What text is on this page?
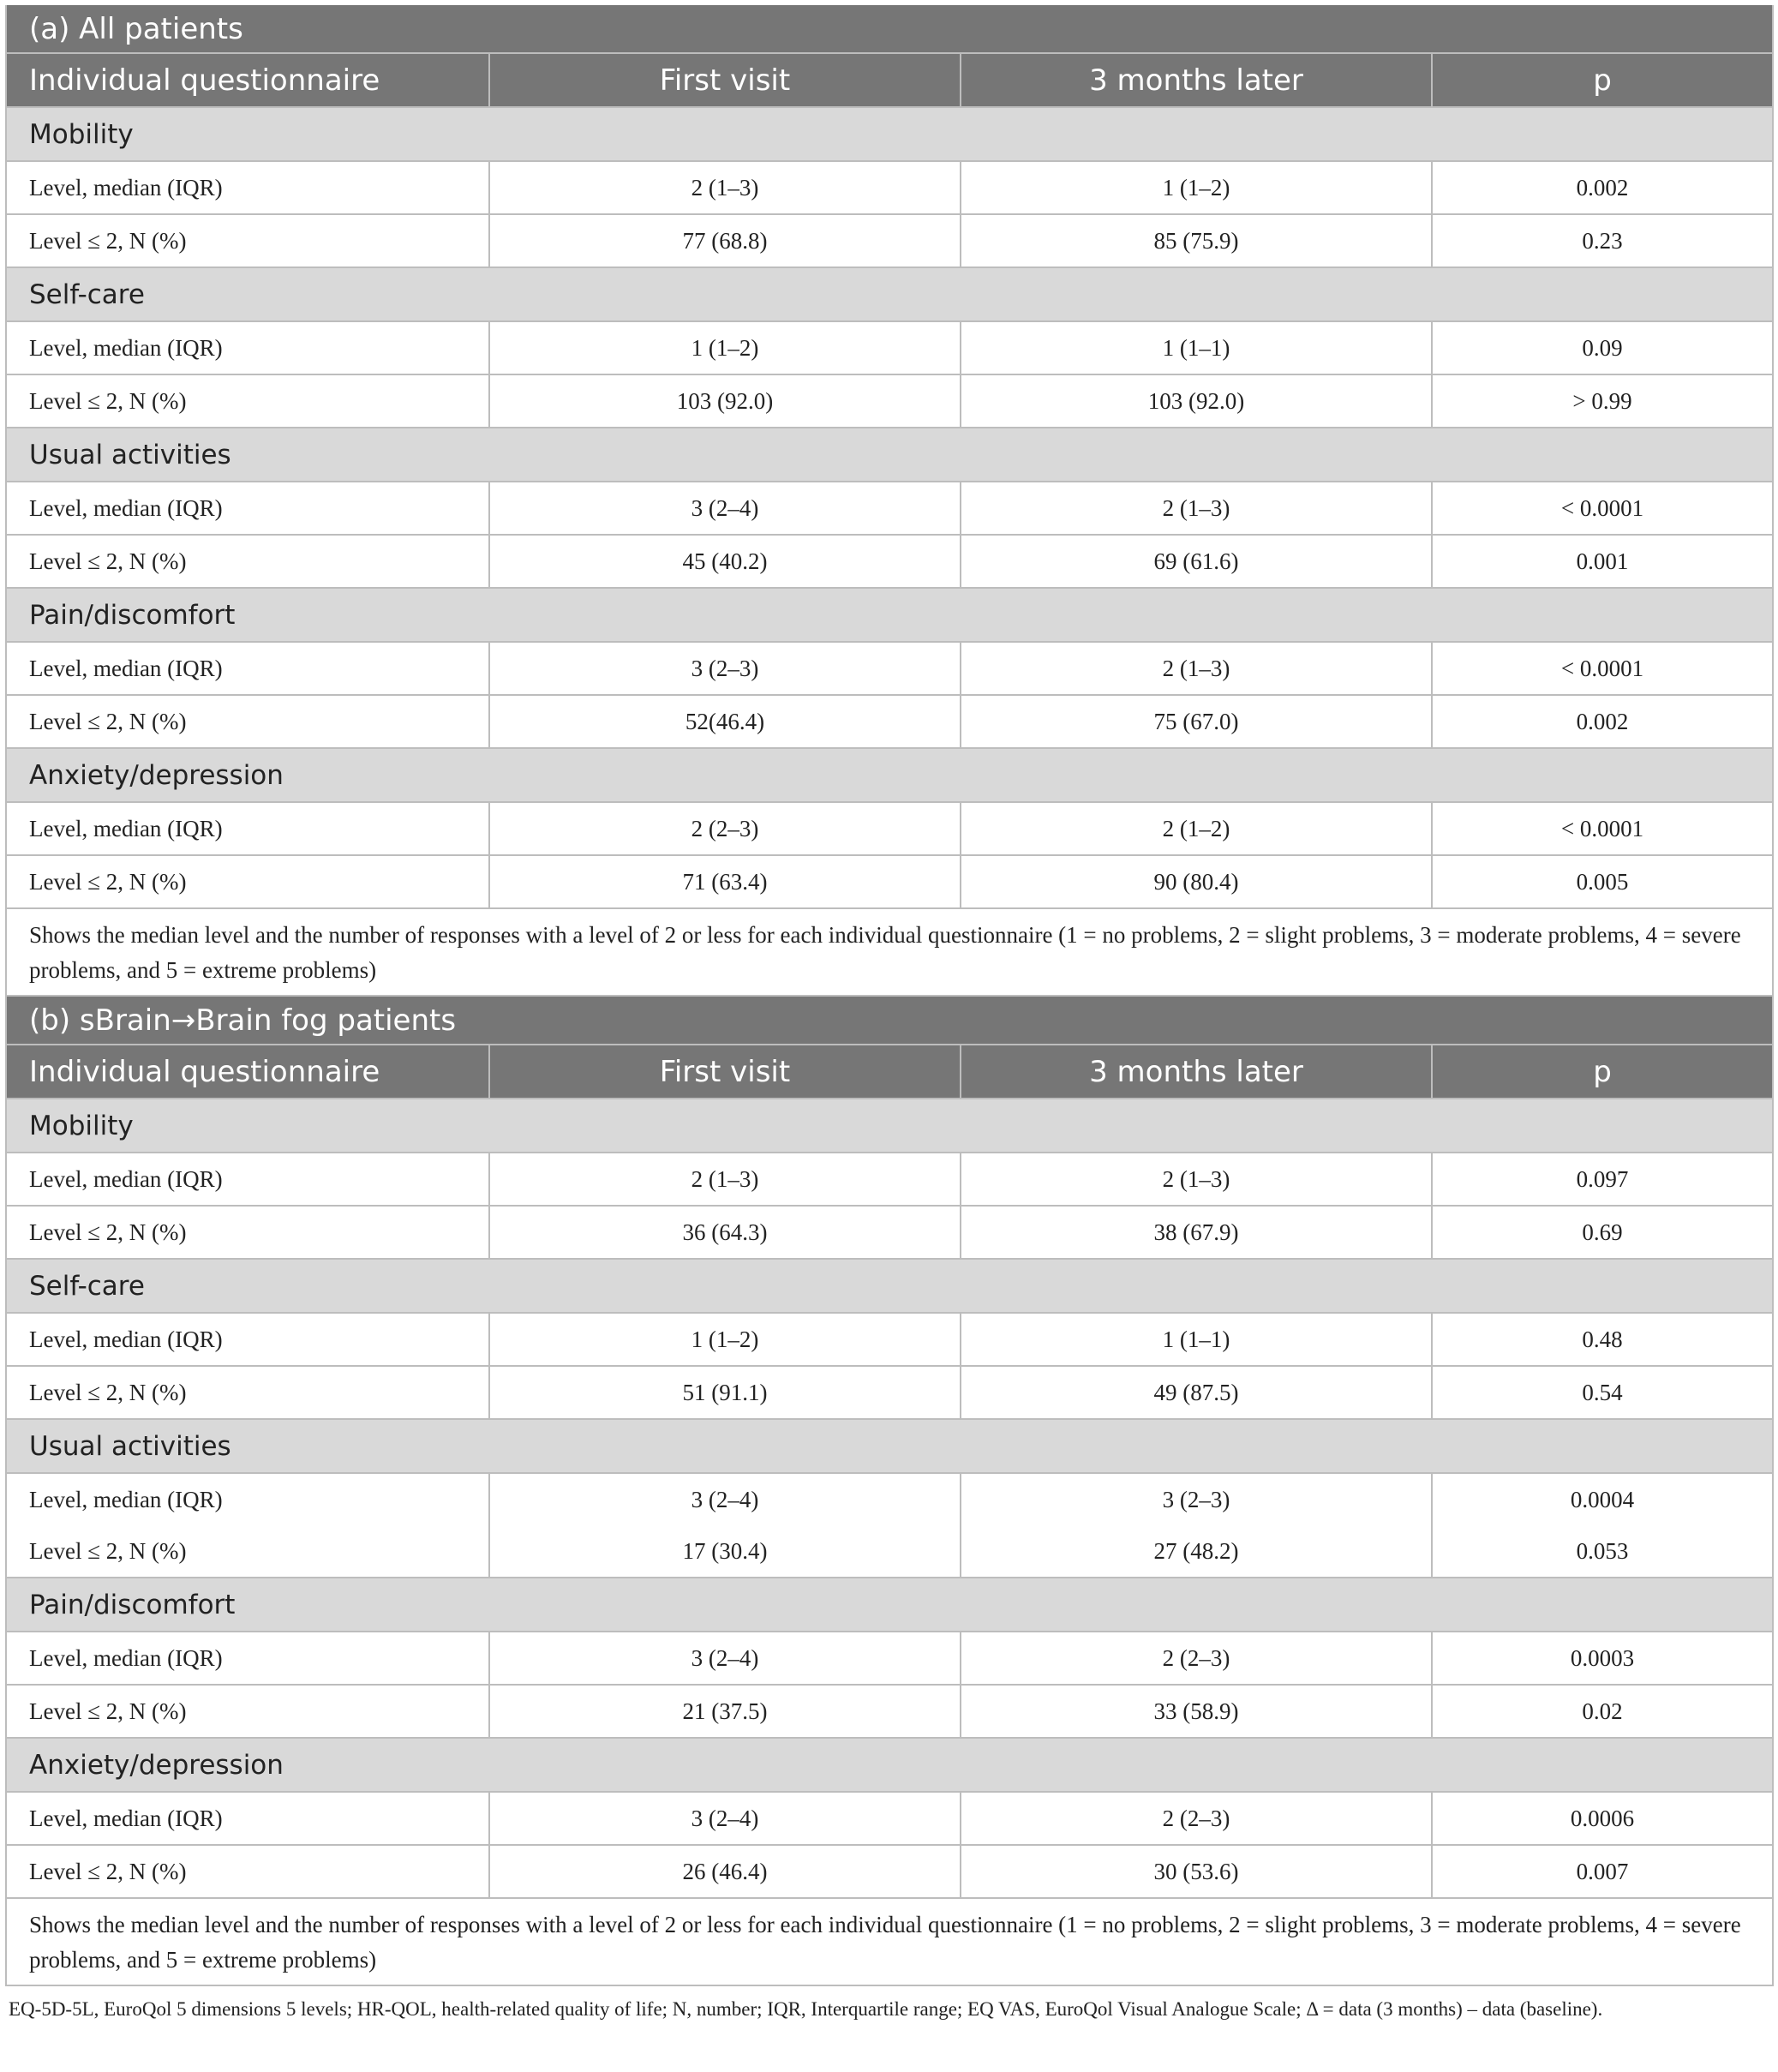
(a) All patients			
Individual questionnaire	First visit	3 months later	p
Mobility			
Level, median (IQR)	2 (1–3)	1 (1–2)	0.002
Level ≤ 2, N (%)	77 (68.8)	85 (75.9)	0.23
Self-care			
Level, median (IQR)	1 (1–2)	1 (1–1)	0.09
Level ≤ 2, N (%)	103 (92.0)	103 (92.0)	> 0.99
Usual activities			
Level, median (IQR)	3 (2–4)	2 (1–3)	< 0.0001
Level ≤ 2, N (%)	45 (40.2)	69 (61.6)	0.001
Pain/discomfort			
Level, median (IQR)	3 (2–3)	2 (1–3)	< 0.0001
Level ≤ 2, N (%)	52(46.4)	75 (67.0)	0.002
Anxiety/depression			
Level, median (IQR)	2 (2–3)	2 (1–2)	< 0.0001
Level ≤ 2, N (%)	71 (63.4)	90 (80.4)	0.005
Shows the median level and the number of responses with a level of 2 or less for each individual questionnaire (1 = no problems, 2 = slight problems, 3 = moderate problems, 4 = severe problems, and 5 = extreme problems)			
(b) sBrain→Brain fog patients			
Individual questionnaire	First visit	3 months later	p
Mobility			
Level, median (IQR)	2 (1–3)	2 (1–3)	0.097
Level ≤ 2, N (%)	36 (64.3)	38 (67.9)	0.69
Self-care			
Level, median (IQR)	1 (1–2)	1 (1–1)	0.48
Level ≤ 2, N (%)	51 (91.1)	49 (87.5)	0.54
Usual activities			
Level, median (IQR)	3 (2–4)	3 (2–3)	0.0004
Level ≤ 2, N (%)	17 (30.4)	27 (48.2)	0.053
Pain/discomfort			
Level, median (IQR)	3 (2–4)	2 (2–3)	0.0003
Level ≤ 2, N (%)	21 (37.5)	33 (58.9)	0.02
Anxiety/depression			
Level, median (IQR)	3 (2–4)	2 (2–3)	0.0006
Level ≤ 2, N (%)	26 (46.4)	30 (53.6)	0.007
Shows the median level and the number of responses with a level of 2 or less for each individual questionnaire (1 = no problems, 2 = slight problems, 3 = moderate problems, 4 = severe problems, and 5 = extreme problems)			
EQ-5D-5L, EuroQol 5 dimensions 5 levels; HR-QOL, health-related quality of life; N, number; IQR, Interquartile range; EQ VAS, EuroQol Visual Analogue Scale; Δ = data (3 months) – data (baseline).
